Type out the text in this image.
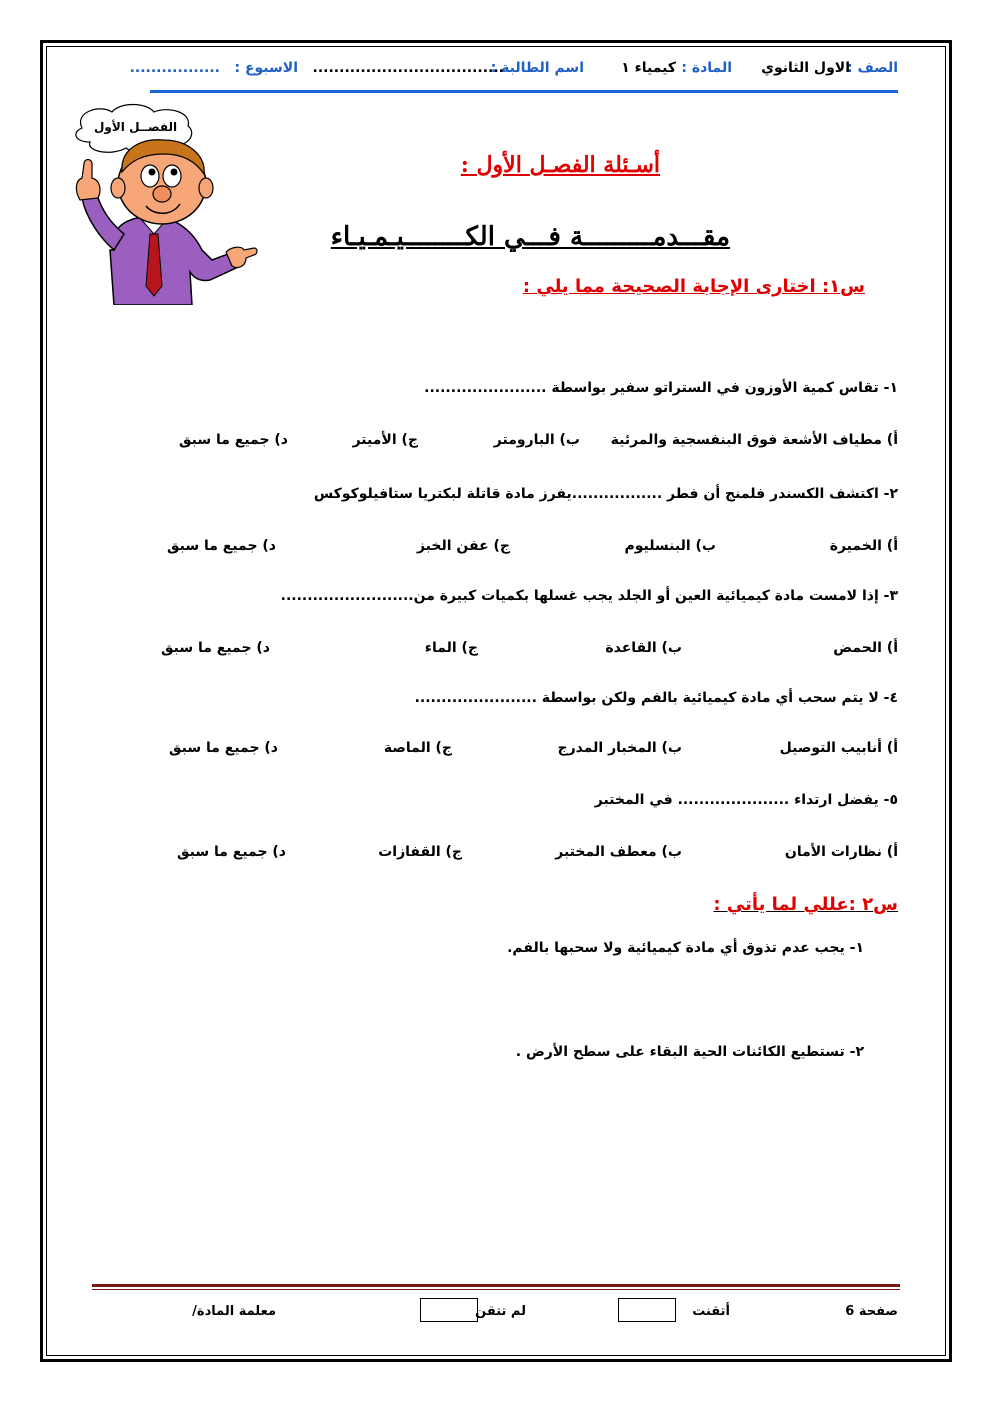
الصف :
الاول الثانوي
المادة :
كيمياء ١
اسم الطالبة :
....................................
الاسبوع :
.................
الفصــل الأول
أسـئلة الفصـل الأول :
مقـــدمـــــــــة فـــي الكــــــــيـمـيـاء
س١: اختارى الإجابة الصحيحة مما يلي :
١- تقاس كمية الأوزون في الستراتو سفير بواسطة .......................
أ) مطياف الأشعة فوق البنفسجية والمرئية
ب) البارومتر
ج) الأميتر
د) جميع ما سبق
٢- اكتشف الكسندر فلمنج أن فطر .................يفرز مادة قاتلة لبكتريا ستافيلوكوكس
أ) الخميرة
ب) البنسليوم
ج) عفن الخبز
د) جميع ما سبق
٣- إذا لامست مادة كيميائية العين أو الجلد يجب غسلها بكميات كبيرة من.........................
أ) الحمض
ب) القاعدة
ج) الماء
د) جميع ما سبق
٤- لا يتم سحب أي مادة كيميائية بالفم ولكن بواسطة .......................
أ) أنابيب التوصيل
ب) المخبار المدرج
ج) الماصة
د) جميع ما سبق
٥- يفضل ارتداء ..................... في المختبر
أ) نظارات الأمان
ب) معطف المختبر
ج) القفازات
د) جميع ما سبق
س٢ :عللي لما يأتي :
١- يجب عدم تذوق أي مادة كيميائية ولا سحبها بالفم.
٢- تستطيع الكائنات الحية البقاء على سطح الأرض .
صفحة 6
أتقنت
لم تتقن
معلمة المادة/
